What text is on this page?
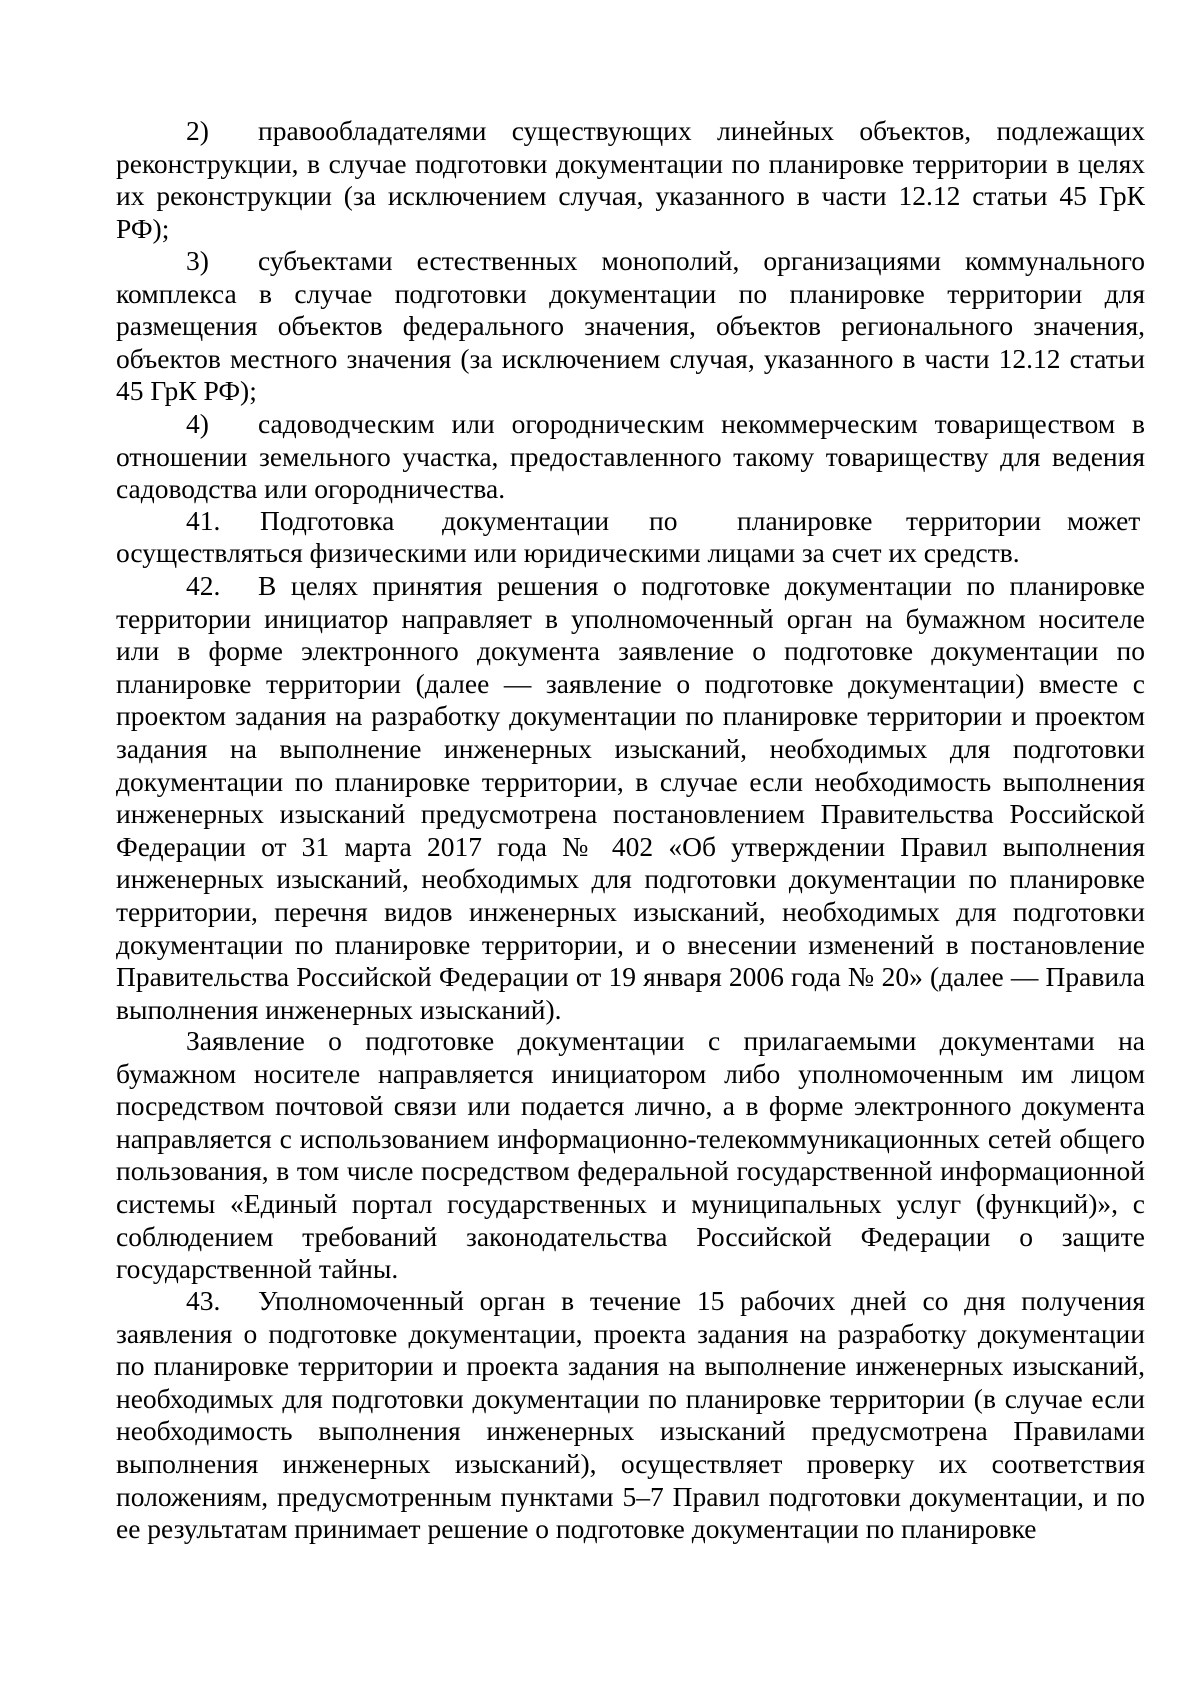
2) правообладателями существующих линейных объектов, подлежащих реконструкции, в случае подготовки документации по планировке территории в целях их реконструкции (за исключением случая, указанного в части 12.12 статьи 45 ГрК РФ);

3) субъектами естественных монополий, организациями коммунального комплекса в случае подготовки документации по планировке территории для размещения объектов федерального значения, объектов регионального значения, объектов местного значения (за исключением случая, указанного в части 12.12 статьи 45 ГрК РФ);

4) садоводческим или огородническим некоммерческим товариществом в отношении земельного участка, предоставленного такому товариществу для ведения садоводства или огородничества.

41.	Подготовка документации по планировке территории может
осуществляться физическими или юридическими лицами за счет их средств.

42. В целях принятия решения о подготовке документации по планировке территории инициатор направляет в уполномоченный орган на бумажном носителе или в форме электронного документа заявление о подготовке документации по планировке территории (далее — заявление о подготовке документации) вместе с проектом задания на разработку документации по планировке территории и проектом задания на выполнение инженерных изысканий, необходимых для подготовки документации по планировке территории, в случае если необходимость выполнения инженерных изысканий предусмотрена постановлением Правительства Российской Федерации от 31 марта 2017 года № 402 «Об утверждении Правил выполнения инженерных изысканий, необходимых для подготовки документации по планировке территории, перечня видов инженерных изысканий, необходимых для подготовки документации по планировке территории, и о внесении изменений в постановление Правительства Российской Федерации от 19 января 2006 года № 20» (далее — Правила выполнения инженерных изысканий).

Заявление о подготовке документации с прилагаемыми документами на бумажном носителе направляется инициатором либо уполномоченным им лицом посредством почтовой связи или подается лично, а в форме электронного документа направляется с использованием информационно-телекоммуникационных сетей общего пользования, в том числе посредством федеральной государственной информационной системы «Единый портал государственных и муниципальных услуг (функций)», с соблюдением требований законодательства Российской Федерации о защите государственной тайны.

43. Уполномоченный орган в течение 15 рабочих дней со дня получения заявления о подготовке документации, проекта задания на разработку документации по планировке территории и проекта задания на выполнение инженерных изысканий, необходимых для подготовки документации по планировке территории (в случае если необходимость выполнения инженерных изысканий предусмотрена Правилами выполнения инженерных изысканий), осуществляет проверку их соответствия положениям, предусмотренным пунктами 5–7 Правил подготовки документации, и по ее результатам принимает решение о подготовке документации по планировке
